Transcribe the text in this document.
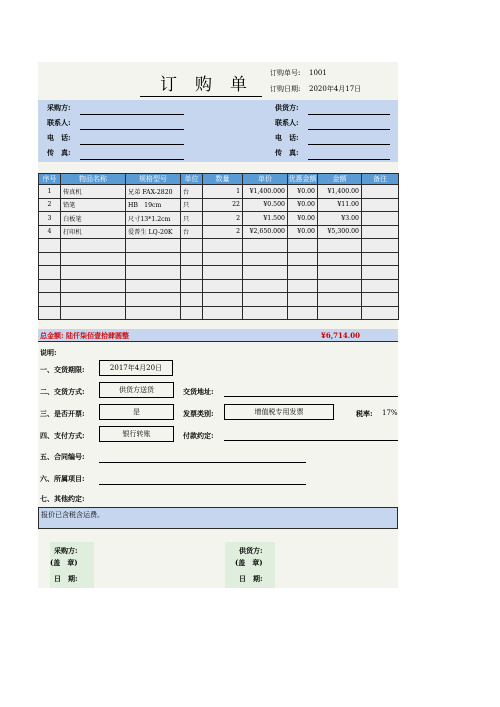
订 购 单
订购单号: 1001
订购日期: 2020年4月17日
采购方:
联系人:
电　话:
传　真:
供货方:
联系人:
电　话:
传　真:
序号	物品名称	规格型号	单位	数量	单价	优惠金额	金额	备注
1	传真机	兄弟 FAX-2820	台	1	¥1,400.000	¥0.00	¥1,400.00	
2	铅笔	HB　19cm	只	22	¥0.500	¥0.00	¥11.00	
3	白板笔	尺寸13*1.2cm	只	2	¥1.500	¥0.00	¥3.00	
4	打印机	爱普生 LQ-20K	台	2	¥2,650.000	¥0.00	¥5,300.00	

总金额: 陆仟柒佰壹拾肆圆整	¥6,714.00
说明:
一、交货期限:	2017年4月20日
二、交货方式:	供货方送货	交货地址:
三、是否开票:	是	发票类别:	增值税专用发票	税率: 17%
四、支付方式:	银行转账	付款约定:
五、合同编号:
六、所属项目:
七、其他约定:
报价已含税含运费。
采购方:
(盖　章)
日　期:
供货方:
(盖　章)
日　期:
